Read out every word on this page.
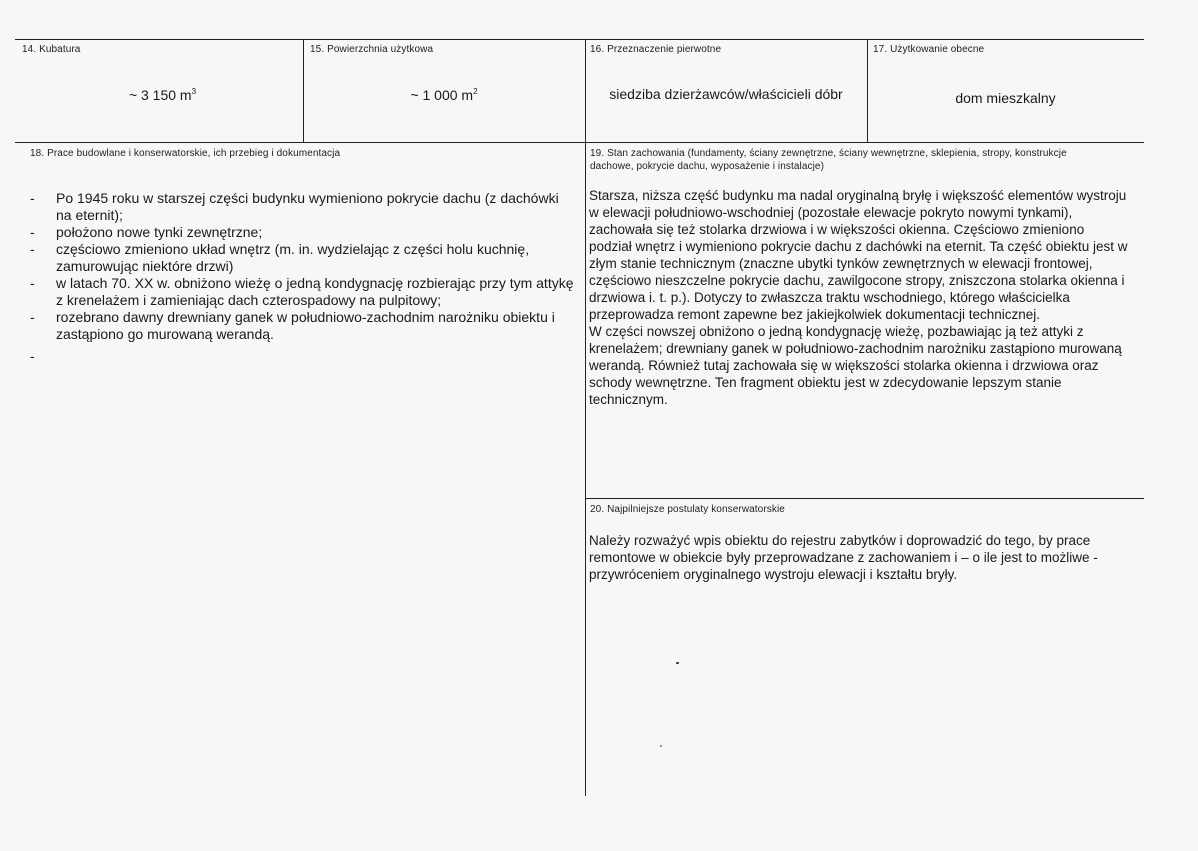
14. Kubatura
~ 3 150 $m^3$
15. Powierzchnia użytkowa
~ 1 000 $m^2$
16. Przeznaczenie pierwotne
siedziba dzierżawców/właścicieli dóbr
17. Użytkowanie obecne
dom mieszkalny
18. Prace budowlane i konserwatorskie, ich przebieg i dokumentacja
- Po 1945 roku w starszej części budynku wymieniono pokrycie dachu (z dachówki na eternit);
- położono nowe tynki zewnętrzne;
- częściowo zmieniono układ wnętrz (m. in. wydzielając z części holu kuchnię, zamurowując niektóre drzwi)
- w latach 70. XX w. obniżono wieżę o jedną kondygnację rozbierając przy tym attykę z krenelażem i zamieniając dach czterospadowy na pulpitowy;
- rozebrano dawny drewniany ganek w południowo-zachodnim narożniku obiektu i zastąpiono go murowaną werandą.
-
19. Stan zachowania (fundamenty, ściany zewnętrzne, ściany wewnętrzne, sklepienia, stropy, konstrukcje dachowe, pokrycie dachu, wyposażenie i instalacje)
Starsza, niższa część budynku ma nadal oryginalną bryłę i większość elementów wystroju w elewacji południowo-wschodniej (pozostałe elewacje pokryto nowymi tynkami), zachowała się też stolarka drzwiowa i w większości okienna. Częściowo zmieniono podział wnętrz i wymieniono pokrycie dachu z dachówki na eternit. Ta część obiektu jest w złym stanie technicznym (znaczne ubytki tynków zewnętrznych w elewacji frontowej, częściowo nieszczelne pokrycie dachu, zawilgocone stropy, zniszczona stolarka okienna i drzwiowa i. t. p.). Dotyczy to zwłaszcza traktu wschodniego, którego właścicielka przeprowadza remont zapewne bez jakiejkolwiek dokumentacji technicznej.
W części nowszej obniżono o jedną kondygnację wieżę, pozbawiając ją też attyki z krenelażem; drewniany ganek w południowo-zachodnim narożniku zastąpiono murowaną werandą. Również tutaj zachowała się w większości stolarka okienna i drzwiowa oraz schody wewnętrzne. Ten fragment obiektu jest w zdecydowanie lepszym stanie technicznym.
20. Najpilniejsze postulaty konserwatorskie
Należy rozważyć wpis obiektu do rejestru zabytków i doprowadzić do tego, by prace remontowe w obiekcie były przeprowadzane z zachowaniem i – o ile jest to możliwe - przywróceniem oryginalnego wystroju elewacji i kształtu bryły.
